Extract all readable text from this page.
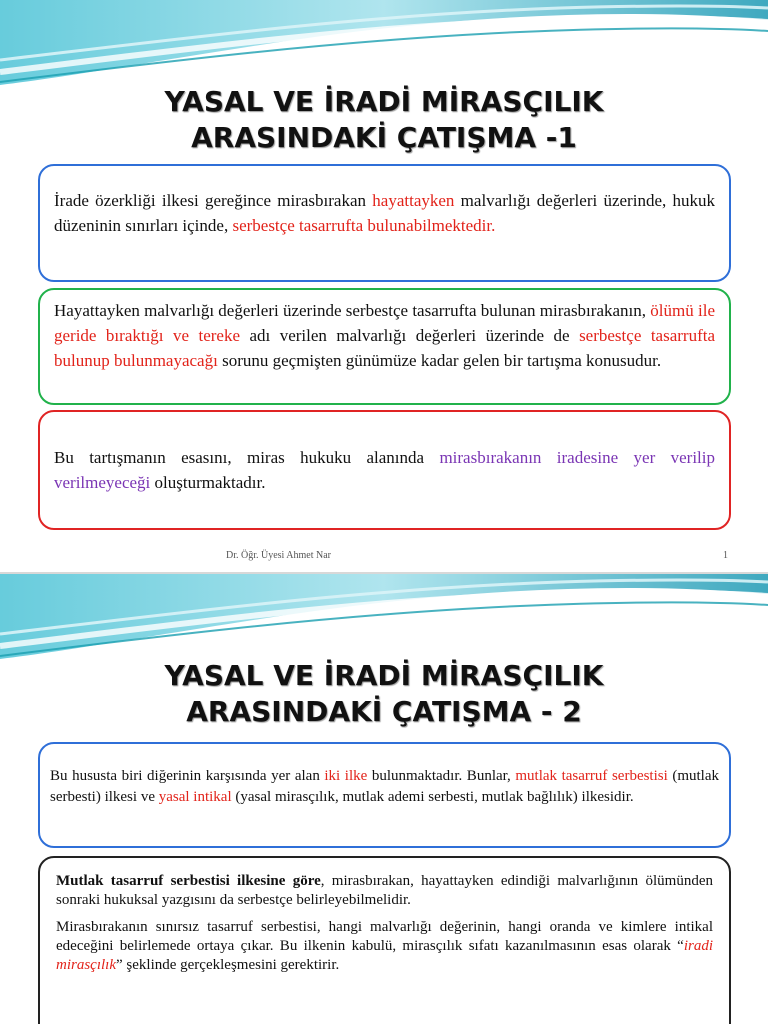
YASAL VE İRADİ MİRASÇILIK
ARASINDAKİ ÇATIŞMA -1

İrade özerkliği ilkesi gereğince mirasbırakan hayattayken malvarlığı değerleri üzerinde, hukuk düzeninin sınırları içinde, serbestçe tasarrufta bulunabilmektedir.

Hayattayken malvarlığı değerleri üzerinde serbestçe tasarrufta bulunan mirasbırakanın, ölümü ile geride bıraktığı ve tereke adı verilen malvarlığı değerleri üzerinde de serbestçe tasarrufta bulunup bulunmayacağı sorunu geçmişten günümüze kadar gelen bir tartışma konusudur.

Bu tartışmanın esasını, miras hukuku alanında mirasbırakanın iradesine yer verilip verilmeyeceği oluşturmaktadır.

Dr. Öğr. Üyesi Ahmet Nar	1
YASAL VE İRADİ MİRASÇILIK
ARASINDAKİ ÇATIŞMA - 2

Bu hususta biri diğerinin karşısında yer alan iki ilke bulunmaktadır. Bunlar, mutlak tasarruf serbestisi (mutlak serbesti) ilkesi ve yasal intikal (yasal mirasçılık, mutlak ademi serbesti, mutlak bağlılık) ilkesidir.

Mutlak tasarruf serbestisi ilkesine göre, mirasbırakan, hayattayken edindiği malvarlığının ölümünden sonraki hukuksal yazgısını da serbestçe belirleyebilmelidir.

Mirasbırakanın sınırsız tasarruf serbestisi, hangi malvarlığı değerinin, hangi oranda ve kimlere intikal edeceğini belirlemede ortaya çıkar. Bu ilkenin kabulü, mirasçılık sıfatı kazanılmasının esas olarak “iradi mirasçılık” şeklinde gerçekleşmesini gerektirir.
